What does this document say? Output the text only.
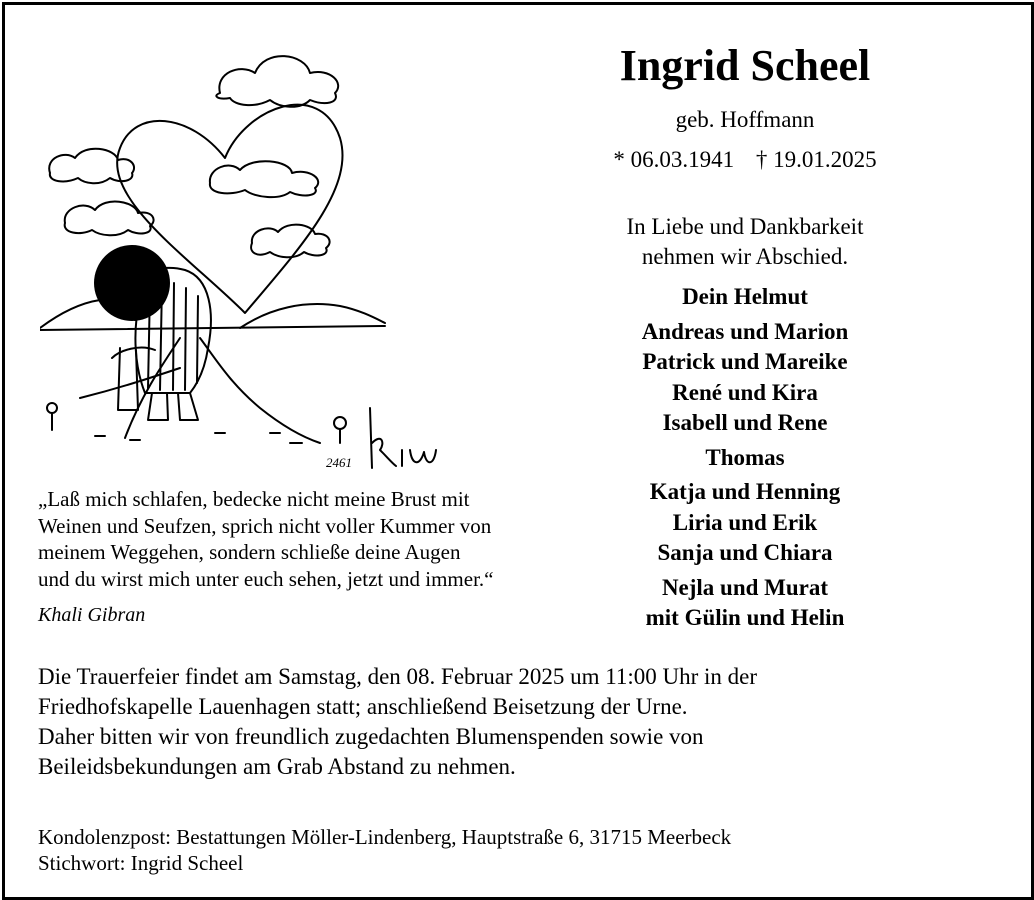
2461
Ingrid Scheel
geb. Hoffmann
* 06.03.1941 † 19.01.2025
In Liebe und Dankbarkeit
nehmen wir Abschied.
Dein Helmut
Andreas und Marion
Patrick und Mareike
René und Kira
Isabell und Rene
Thomas
Katja und Henning
Liria und Erik
Sanja und Chiara
Nejla und Murat
mit Gülin und Helin
„Laß mich schlafen, bedecke nicht meine Brust mit
Weinen und Seufzen, sprich nicht voller Kummer von
meinem Weggehen, sondern schließe deine Augen
und du wirst mich unter euch sehen, jetzt und immer.“
Khali Gibran
Die Trauerfeier findet am Samstag, den 08. Februar 2025 um 11:00 Uhr in der
Friedhofskapelle Lauenhagen statt; anschließend Beisetzung der Urne.
Daher bitten wir von freundlich zugedachten Blumenspenden sowie von
Beileidsbekundungen am Grab Abstand zu nehmen.
Kondolenzpost: Bestattungen Möller-Lindenberg, Hauptstraße 6, 31715 Meerbeck
Stichwort: Ingrid Scheel
